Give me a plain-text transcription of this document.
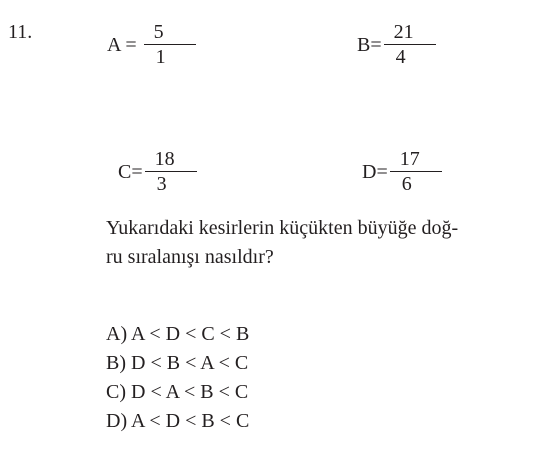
11.
$A = \frac{5}{1}$	$B= \frac{21}{4}$
$C= \frac{18}{3}$	$D= \frac{17}{6}$

Yukarıdaki kesirlerin küçükten büyüğe doğ-
ru sıralanışı nasıldır?

A) A < D < C < B
B) D < B < A < C
C) D < A < B < C
D) A < D < B < C
